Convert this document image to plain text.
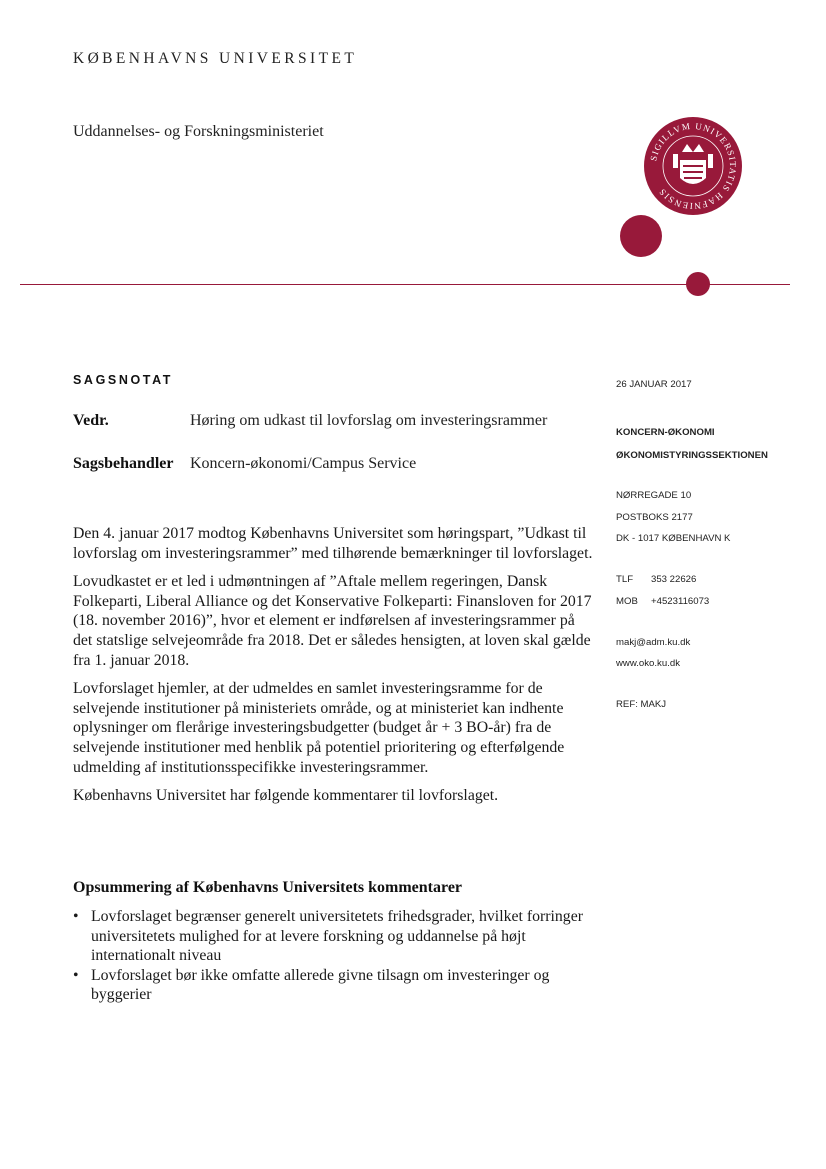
KØBENHAVNS UNIVERSITET
Uddannelses- og Forskningsministeriet
SIGILLVM UNIVERSITATIS HAFNIENSIS
SAGSNOTAT
Vedr.	Høring om udkast til lovforslag om investeringsrammer
Sagsbehandler Koncern-økonomi/Campus Service

Den 4. januar 2017 modtog Københavns Universitet som høringspart, ”Udkast til lovforslag om investeringsrammer” med tilhørende bemærkninger til lovforslaget.

Lovudkastet er et led i udmøntningen af ”Aftale mellem regeringen, Dansk Folkeparti, Liberal Alliance og det Konservative Folkeparti: Finansloven for 2017 (18. november 2016)”, hvor et element er indførelsen af investeringsrammer på det statslige selvejeområde fra 2018. Det er således hensigten, at loven skal gælde fra 1. januar 2018.

Lovforslaget hjemler, at der udmeldes en samlet investeringsramme for de selvejende institutioner på ministeriets område, og at ministeriet kan indhente oplysninger om flerårige investeringsbudgetter (budget år + 3 BO-år) fra de selvejende institutioner med henblik på potentiel prioritering og efterfølgende udmelding af institutionsspecifikke investeringsrammer.

Københavns Universitet har følgende kommentarer til lovforslaget.

Opsummering af Københavns Universitets kommentarer
• Lovforslaget begrænser generelt universitetets frihedsgrader, hvilket forringer universitetets mulighed for at levere forskning og uddannelse på højt internationalt niveau
• Lovforslaget bør ikke omfatte allerede givne tilsagn om investeringer og byggerier
26 JANUAR 2017
KONCERN-ØKONOMI
ØKONOMISTYRINGSSEKTIONEN
NØRREGADE 10
POSTBOKS 2177
DK - 1017 KØBENHAVN K
TLF 353 22626
MOB +4523116073
makj@adm.ku.dk
www.oko.ku.dk
REF: MAKJ
